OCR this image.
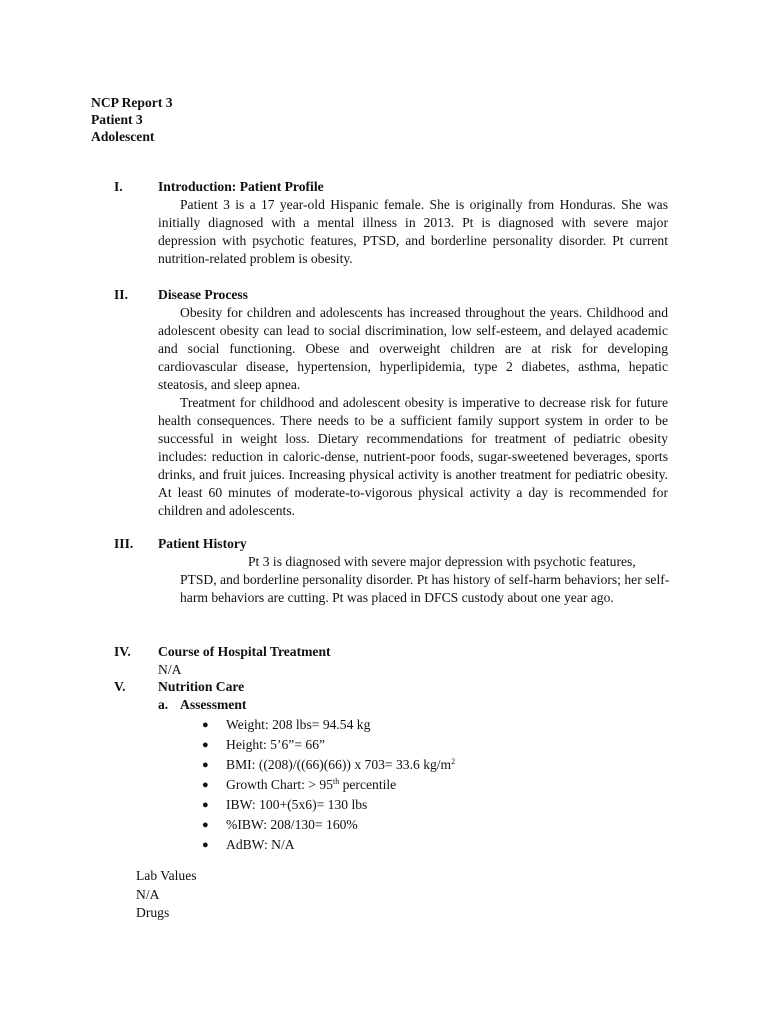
NCP Report 3
Patient 3
Adolescent
I.	Introduction: Patient Profile
Patient 3 is a 17 year-old Hispanic female. She is originally from Honduras. She was initially diagnosed with a mental illness in 2013. Pt is diagnosed with severe major depression with psychotic features, PTSD, and borderline personality disorder. Pt current nutrition-related problem is obesity.
II. Disease Process
Obesity for children and adolescents has increased throughout the years. Childhood and adolescent obesity can lead to social discrimination, low self-esteem, and delayed academic and social functioning. Obese and overweight children are at risk for developing cardiovascular disease, hypertension, hyperlipidemia, type 2 diabetes, asthma, hepatic steatosis, and sleep apnea.
Treatment for childhood and adolescent obesity is imperative to decrease risk for future health consequences. There needs to be a sufficient family support system in order to be successful in weight loss. Dietary recommendations for treatment of pediatric obesity includes: reduction in caloric-dense, nutrient-poor foods, sugar-sweetened beverages, sports drinks, and fruit juices. Increasing physical activity is another treatment for pediatric obesity. At least 60 minutes of moderate-to-vigorous physical activity a day is recommended for children and adolescents.
III. Patient History
Pt 3 is diagnosed with severe major depression with psychotic features, PTSD, and borderline personality disorder. Pt has history of self-harm behaviors; her self-harm behaviors are cutting. Pt was placed in DFCS custody about one year ago.
IV. Course of Hospital Treatment
N/A
V. Nutrition Care
a. Assessment
● Weight: 208 lbs= 94.54 kg
● Height: 5’6”= 66”
● BMI: ((208)/((66)(66)) x 703= 33.6 $kg/m^2$
● Growth Chart: > 95th percentile
● IBW: 100+(5x6)= 130 lbs
● %IBW: 208/130= 160%
● AdBW: N/A
Lab Values
N/A
Drugs
